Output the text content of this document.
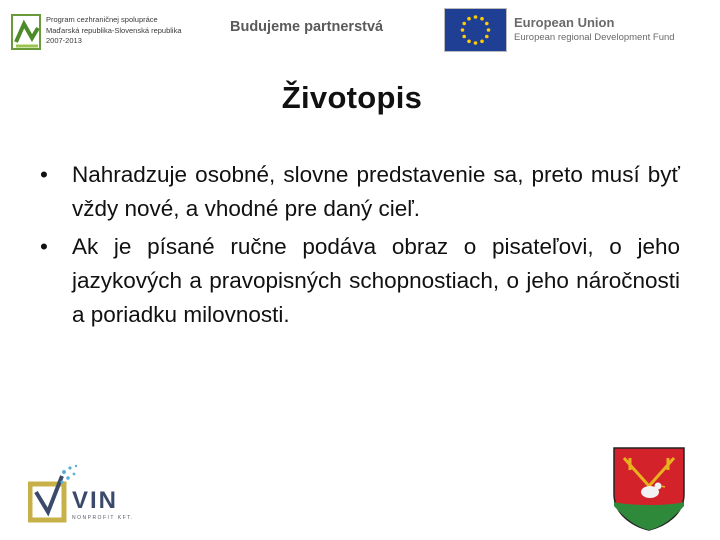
Program cezhraničnej spolupráce
Maďarská republika-Slovenská republika
2007-2013
Budujeme partnerstvá	European Union
European regional Development Fund
Životopis

• Nahradzuje osobné, slovne predstavenie sa, preto musí byť vždy nové, a vhodné pre daný cieľ.

• Ak je písané ručne podáva obraz o pisateľovi, o jeho jazykových a pravopisných schopnostiach, o jeho náročnosti a poriadku milovnosti.

VIN
NONPROFIT KFT.
